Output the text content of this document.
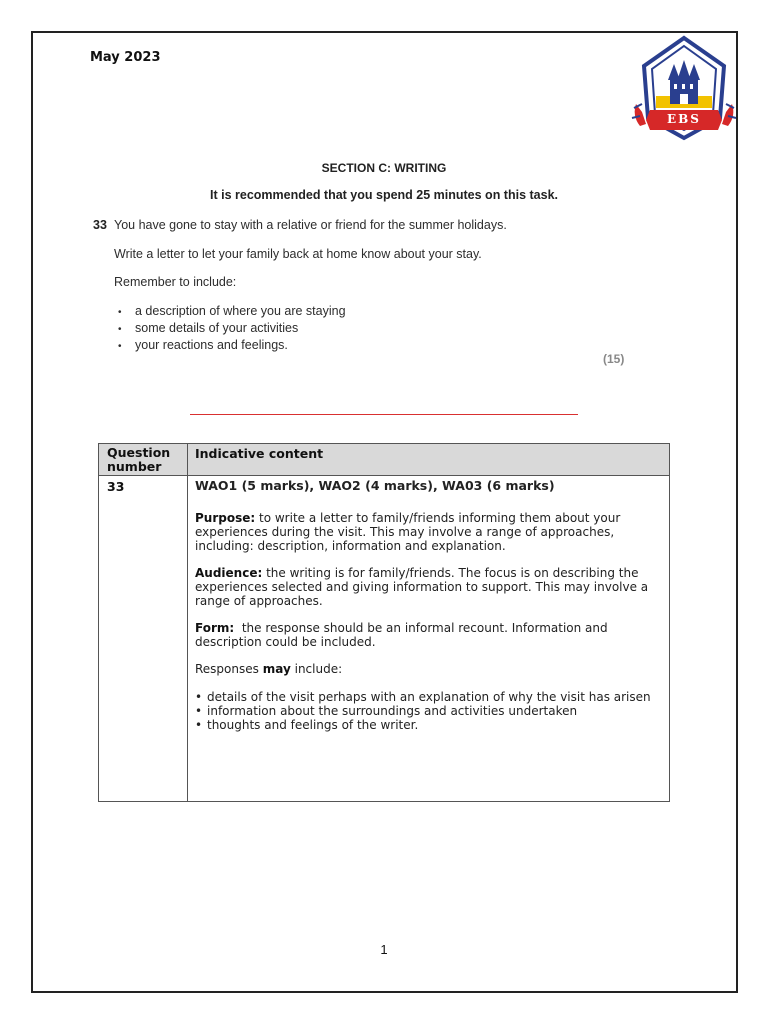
May 2023
EBS
SECTION C: WRITING
It is recommended that you spend 25 minutes on this task.
33 You have gone to stay with a relative or friend for the summer holidays.
Write a letter to let your family back at home know about your stay.
Remember to include:
• a description of where you are staying
• some details of your activities
• your reactions and feelings.
(15)
Question number
Indicative content
33	WAO1 (5 marks), WAO2 (4 marks), WA03 (6 marks)

Purpose: to write a letter to family/friends informing them about your experiences during the visit. This may involve a range of approaches, including: description, information and explanation.

Audience: the writing is for family/friends. The focus is on describing the experiences selected and giving information to support. This may involve a range of approaches.

Form: the response should be an informal recount. Information and description could be included.

Responses may include:

• details of the visit perhaps with an explanation of why the visit has arisen
• information about the surroundings and activities undertaken
• thoughts and feelings of the writer.
1
